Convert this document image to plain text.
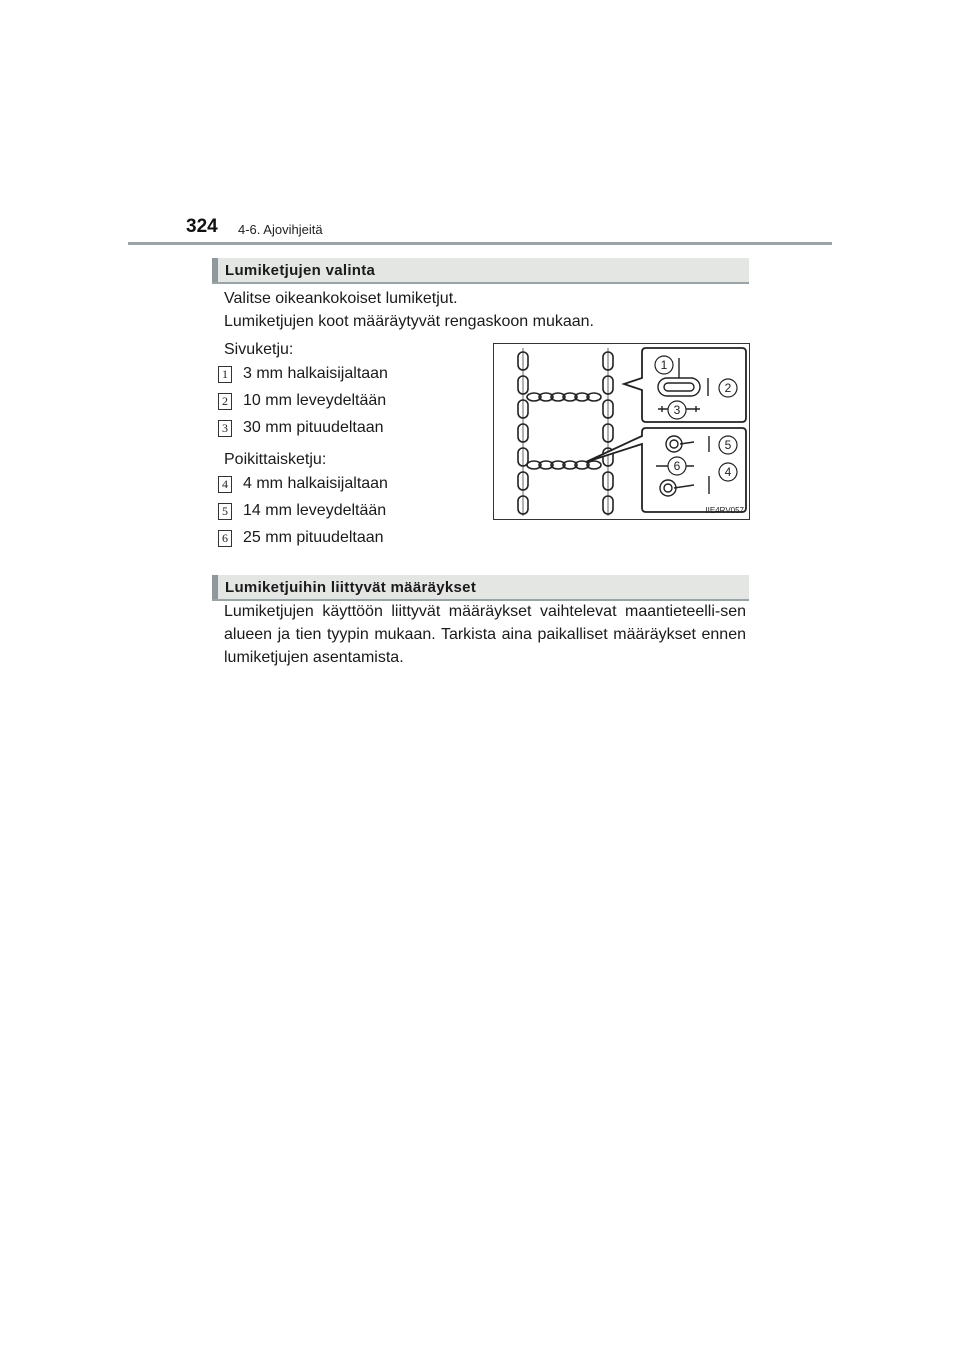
324 4-6. Ajovihjeitä
Lumiketjujen valinta
Valitse oikeankokoiset lumiketjut.
Lumiketjujen koot määräytyvät rengaskoon mukaan.
Sivuketju:
1 3 mm halkaisijaltaan
2 10 mm leveydeltään
3 30 mm pituudeltaan
Poikittaisketju:
4 4 mm halkaisijaltaan
5 14 mm leveydeltään
6 25 mm pituudeltaan
1
2
3
4
5
6
IIE4RV057
Lumiketjuihin liittyvät määräykset
Lumiketjujen käyttöön liittyvät määräykset vaihtelevat maantieteelli-sen alueen ja tien tyypin mukaan. Tarkista aina paikalliset määräykset ennen lumiketjujen asentamista.
